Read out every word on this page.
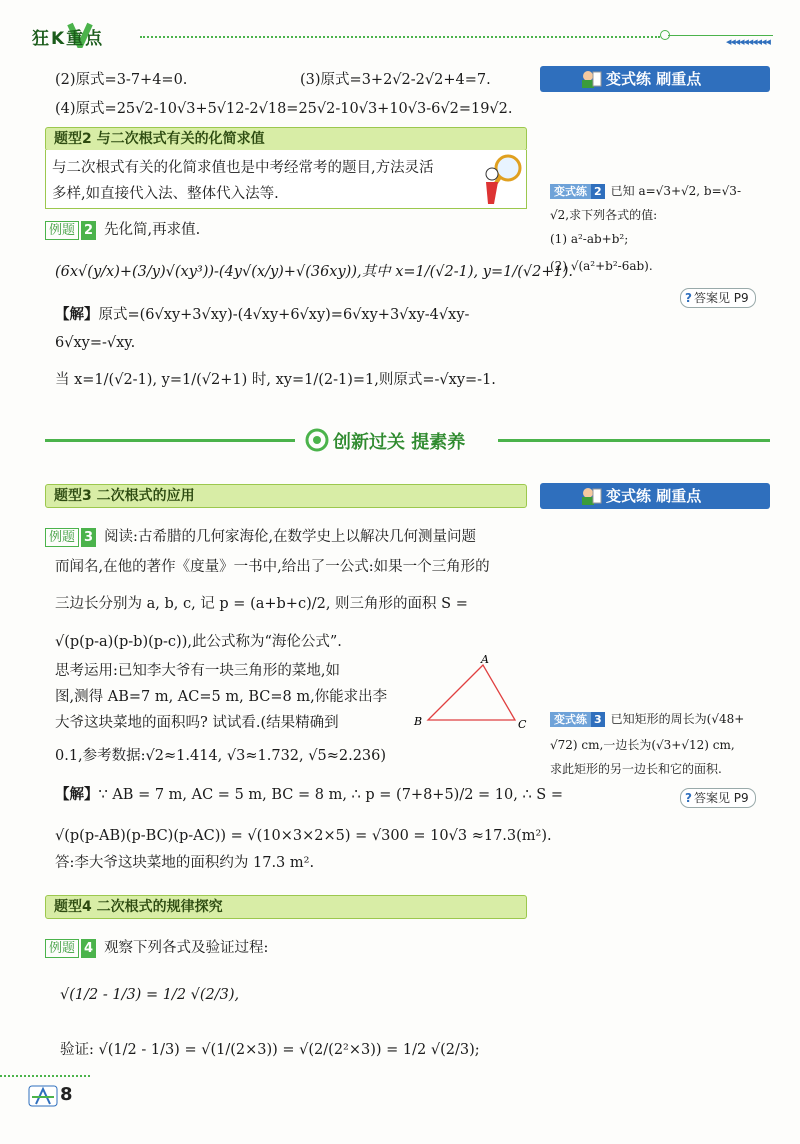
狂K重点	◀◀◀◀◀◀◀◀◀◀
(2)原式=3-7+4=0.	(3)原式=3+2√2-2√2+4=7.
(4)原式=25√2-10√3+5√12-2√18=25√2-10√3+10√3-6√2=19√2.
变式练 刷重点
题型2 与二次根式有关的化简求值
与二次根式有关的化简求值也是中考经常考的题目,方法灵活
多样,如直接代入法、整体代入法等.	变式练 2 已知 a=√3+√2, b=√3-
√2,求下列各式的值:
(1) a²-ab+b²;
(2) √(a²+b²-6ab).
? 答案见 P9
例题 2 先化简,再求值.
(6x√(y/x)+(3/y)√(xy³))-(4y√(x/y)+√(36xy)),其中 x=1/(√2-1), y=1/(√2+1).
【解】原式=(6√xy+3√xy)-(4√xy+6√xy)=6√xy+3√xy-4√xy-
6√xy=-√xy.
当 x=1/(√2-1), y=1/(√2+1) 时, xy=1/(2-1)=1,则原式=-√xy=-1.
创新过关 提素养
题型3 二次根式的应用	变式练 刷重点
例题 3 阅读:古希腊的几何家海伦,在数学史上以解决几何测量问题
而闻名,在他的著作《度量》一书中,给出了一公式:如果一个三角形的
三边长分别为 a, b, c, 记 p = (a+b+c)/2, 则三角形的面积 S =
√(p(p-a)(p-b)(p-c)),此公式称为“海伦公式”.
思考运用:已知李大爷有一块三角形的菜地,如
图,测得 AB=7 m, AC=5 m, BC=8 m,你能求出李
大爷这块菜地的面积吗? 试试看.(结果精确到
0.1,参考数据:√2≈1.414, √3≈1.732, √5≈2.236)
A
B	C
【解】∵ AB = 7 m, AC = 5 m, BC = 8 m, ∴ p = (7+8+5)/2 = 10, ∴ S =
√(p(p-AB)(p-BC)(p-AC)) = √(10×3×2×5) = √300 = 10√3 ≈17.3(m²).
答:李大爷这块菜地的面积约为 17.3 m².
变式练 3 已知矩形的周长为(√48+
√72) cm,一边长为(√3+√12) cm,
求此矩形的另一边长和它的面积.
? 答案见 P9
题型4 二次根式的规律探究
例题 4 观察下列各式及验证过程:
√(1/2 - 1/3) = 1/2 √(2/3),
验证: √(1/2 - 1/3) = √(1/(2×3)) = √(2/(2²×3)) = 1/2 √(2/3);
8
